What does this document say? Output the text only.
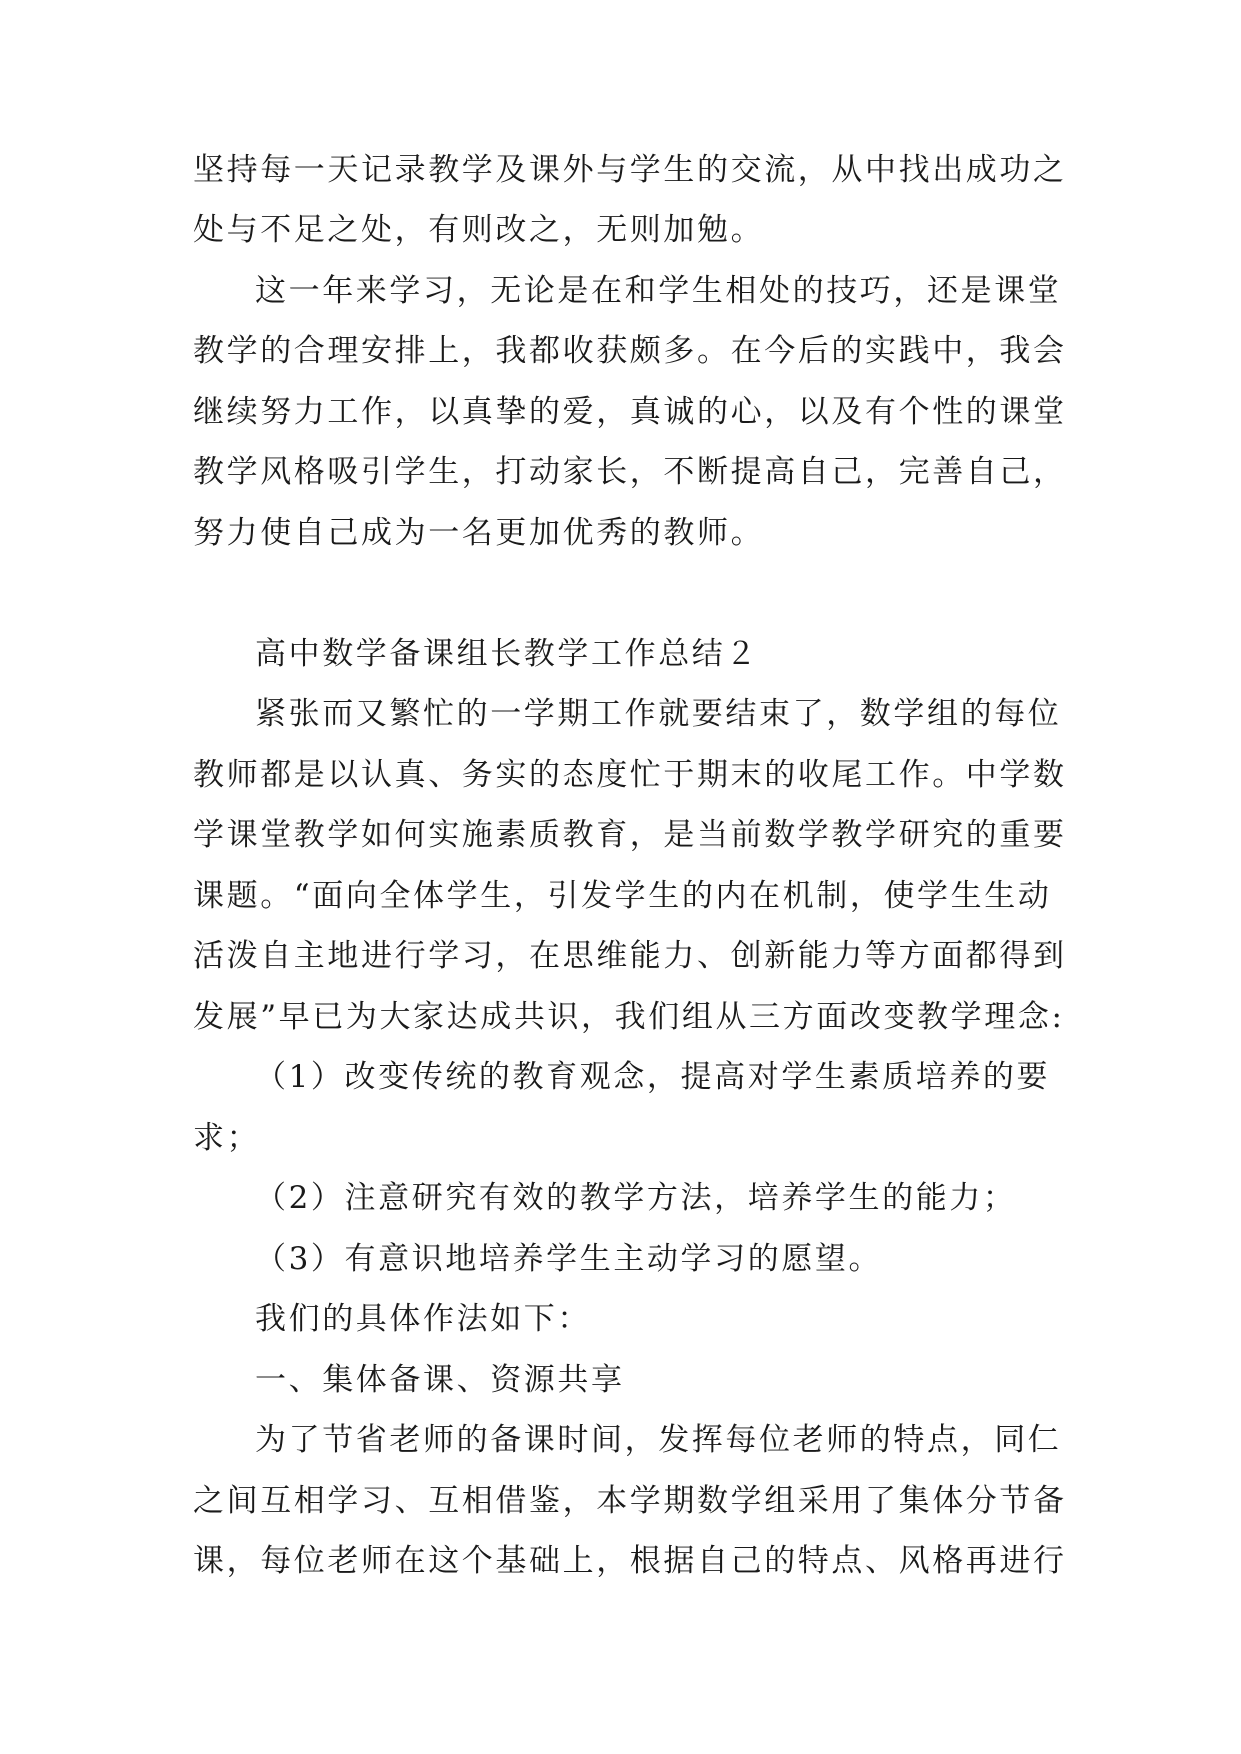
坚持每一天记录教学及课外与学生的交流，从中找出成功之
处与不足之处，有则改之，无则加勉。
这一年来学习，无论是在和学生相处的技巧，还是课堂
教学的合理安排上，我都收获颇多。在今后的实践中，我会
继续努力工作，以真挚的爱，真诚的心，以及有个性的课堂
教学风格吸引学生，打动家长，不断提高自己，完善自己，
努力使自己成为一名更加优秀的教师。
高中数学备课组长教学工作总结２
紧张而又繁忙的一学期工作就要结束了，数学组的每位
教师都是以认真、务实的态度忙于期末的收尾工作。中学数
学课堂教学如何实施素质教育，是当前数学教学研究的重要
课题。“面向全体学生，引发学生的内在机制，使学生生动
活泼自主地进行学习，在思维能力、创新能力等方面都得到
发展”早已为大家达成共识，我们组从三方面改变教学理念:
（1）改变传统的教育观念，提高对学生素质培养的要
求；
（2）注意研究有效的教学方法，培养学生的能力；
（3）有意识地培养学生主动学习的愿望。
我们的具体作法如下：
一、集体备课、资源共享
为了节省老师的备课时间，发挥每位老师的特点，同仁
之间互相学习、互相借鉴，本学期数学组采用了集体分节备
课，每位老师在这个基础上，根据自己的特点、风格再进行
